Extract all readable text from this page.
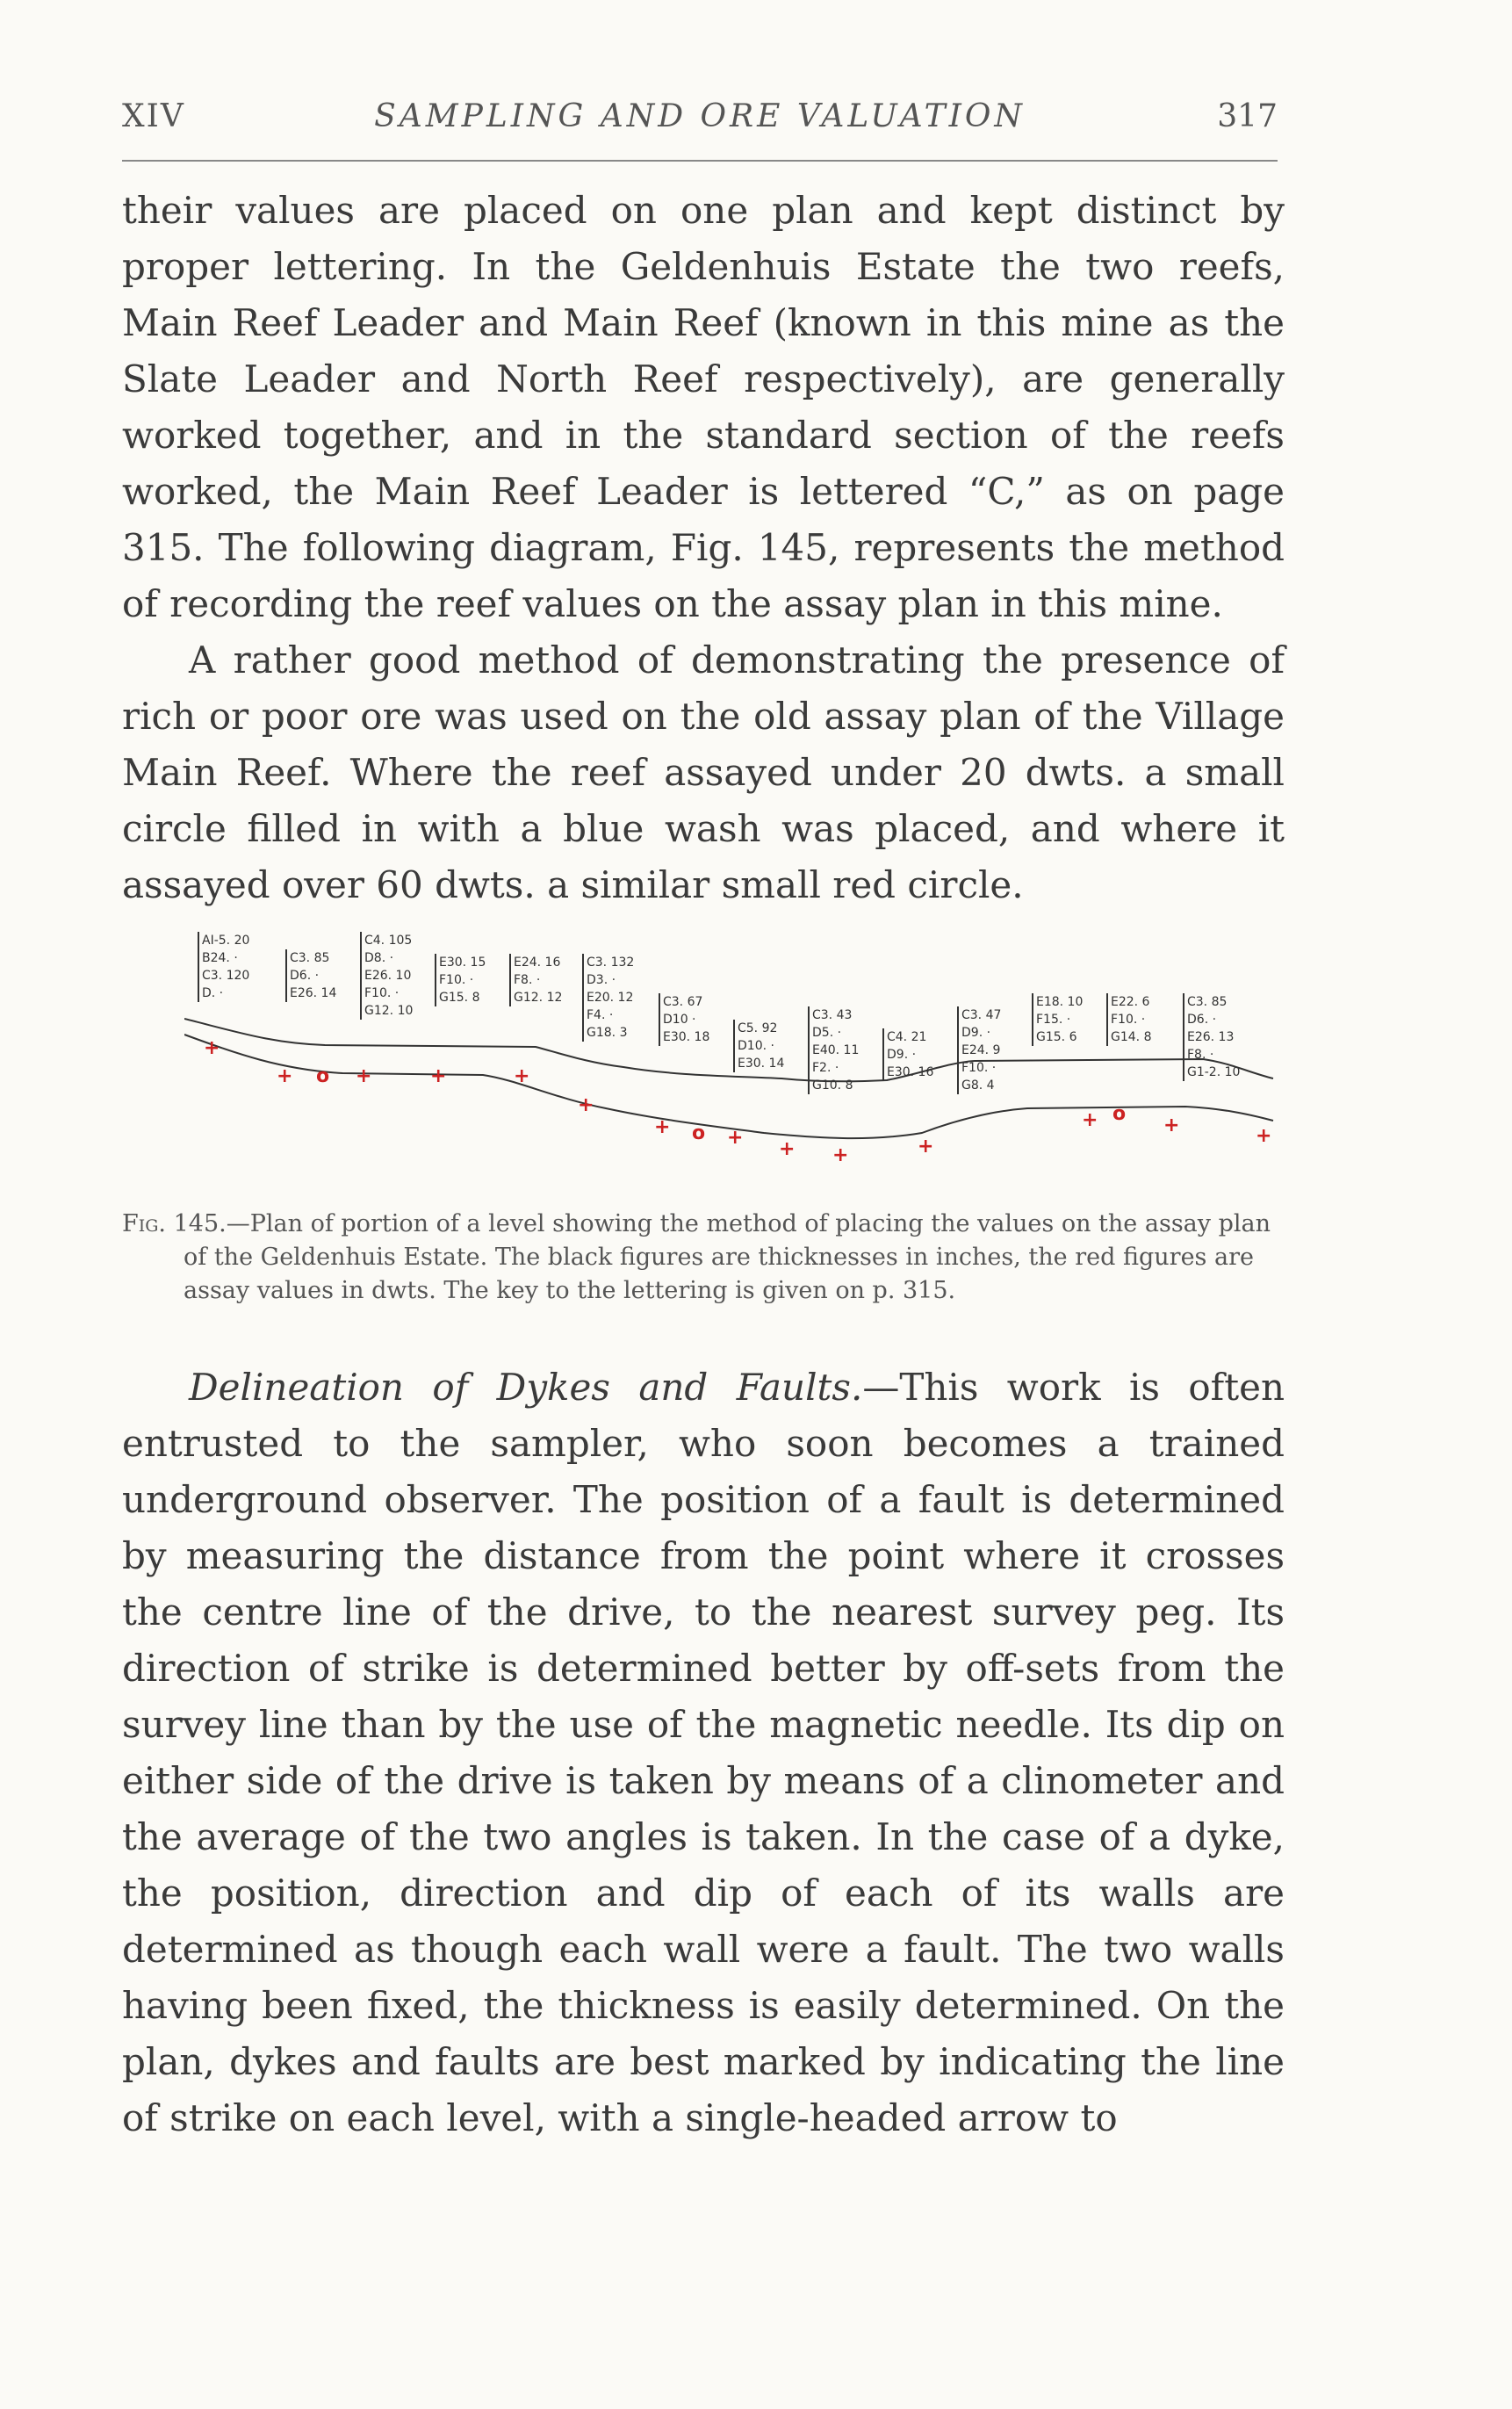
XIV	SAMPLING AND ORE VALUATION	317
their values are placed on one plan and kept distinct by proper lettering. In the Geldenhuis Estate the two reefs, Main Reef Leader and Main Reef (known in this mine as the Slate Leader and North Reef respectively), are generally worked together, and in the standard section of the reefs worked, the Main Reef Leader is lettered “C,” as on page 315. The following diagram, Fig. 145, represents the method of recording the reef values on the assay plan in this mine.
A rather good method of demonstrating the presence of rich or poor ore was used on the old assay plan of the Village Main Reef. Where the reef assayed under 20 dwts. a small circle filled in with a blue wash was placed, and where it assayed over 60 dwts. a similar small red circle.
AI-5. 20
B24. ·
C3. 120
D. ·
C3. 85
D6. ·
E26. 14
C4. 105
D8. ·
E26. 10
F10. ·
G12. 10
E30. 15
F10. ·
G15. 8
E24. 16
F8. ·
G12. 12
C3. 132
D3. ·
E20. 12
F4. ·
G18. 3
C3. 67
D10 ·
E30. 18
C5. 92
D10. ·
E30. 14
C3. 43
D5. ·
E40. 11
F2. ·
G10. 8
C4. 21
D9. ·
E30. 16
C3. 47
D9. ·
E24. 9
F10. ·
G8. 4
E18. 10
F15. ·
G15. 6
E22. 6
F10. ·
G14. 8
C3. 85
D6. ·
E26. 13
F8. ·
G1-2. 10
+
+ o +	+	+
+
+ o +
+ +	+
+ o
+	+
Fig. 145.—Plan of portion of a level showing the method of placing the values on the assay plan
of the Geldenhuis Estate. The black figures are thicknesses in inches, the red figures are
assay values in dwts. The key to the lettering is given on p. 315.
Delineation of Dykes and Faults.—This work is often entrusted to the sampler, who soon becomes a trained underground observer. The position of a fault is determined by measuring the distance from the point where it crosses the centre line of the drive, to the nearest survey peg. Its direction of strike is determined better by off-sets from the survey line than by the use of the magnetic needle. Its dip on either side of the drive is taken by means of a clinometer and the average of the two angles is taken. In the case of a dyke, the position, direction and dip of each of its walls are determined as though each wall were a fault. The two walls having been fixed, the thickness is easily determined. On the plan, dykes and faults are best marked by indicating the line of strike on each level, with a single-headed arrow to
